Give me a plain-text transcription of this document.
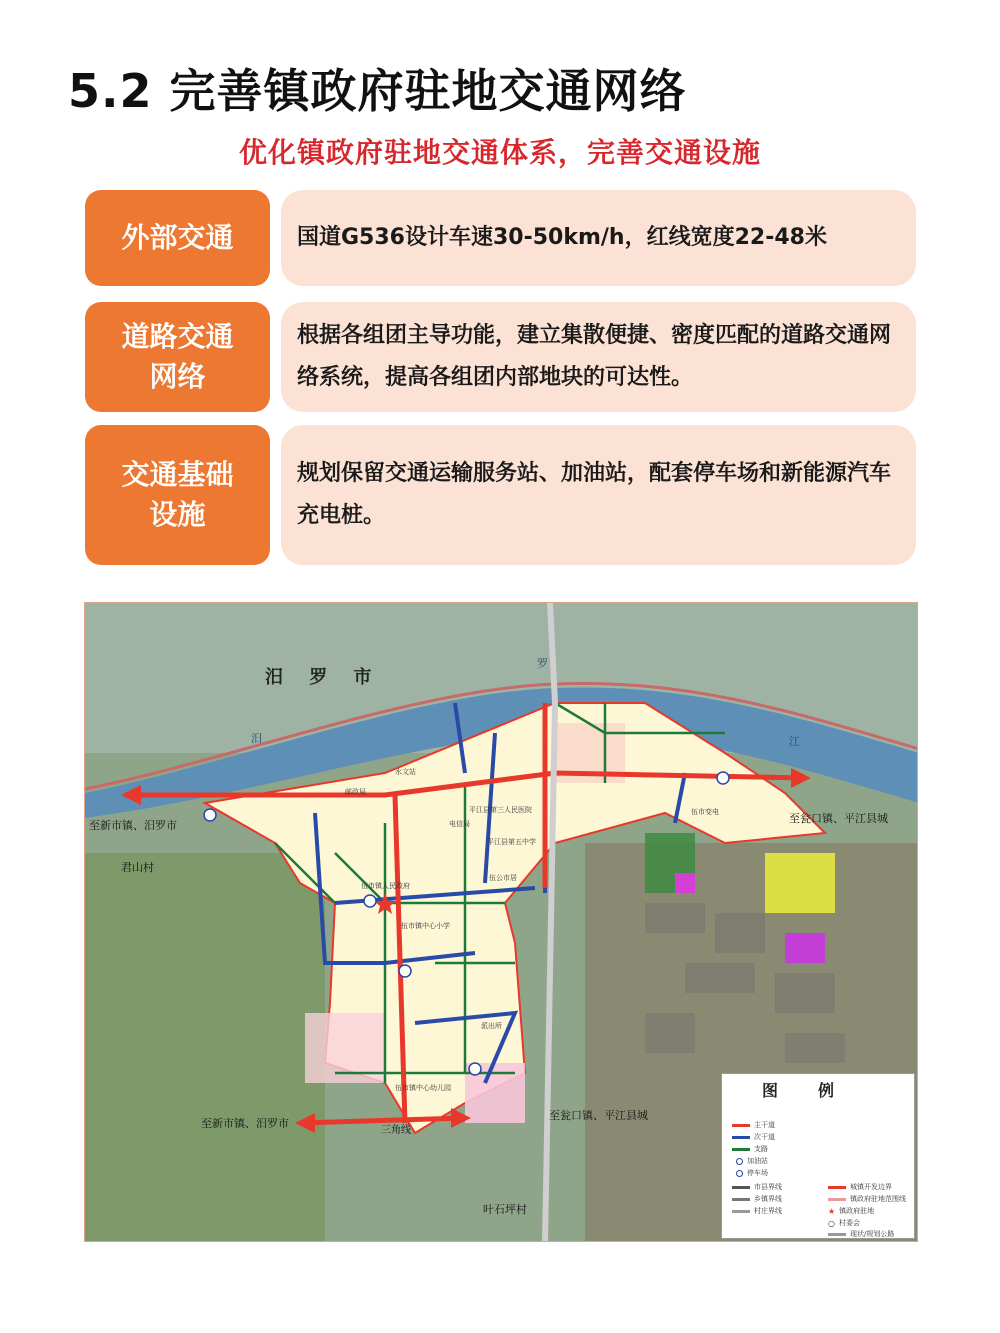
5.2 完善镇政府驻地交通网络
优化镇政府驻地交通体系，完善交通设施
外部交通	国道G536设计车速30-50km/h，红线宽度22-48米
道路交通
网络
根据各组团主导功能，建立集散便捷、密度匹配的道路交通网络系统，提高各组团内部地块的可达性。
交通基础
设施
规划保留交通运输服务站、加油站，配套停车场和新能源汽车充电桩。
汨 罗 市
汨
罗
江
至新市镇、汨罗市
至瓮口镇、平江县城
至新市镇、汨罗市
至瓮口镇、平江县城
君山村
叶石坪村
三角线
水文站
邮政局
平江县第三人民医院
电信局
平江县第五中学
伍市镇人民政府
伍公市居
伍市镇中心小学
派出所
伍市镇中心幼儿园
伍市变电
图例
主干道
次干道
支路
加油站
停车场
市县界线
乡镇界线
村庄界线
城镇开发边界
镇政府驻地范围线
★ 镇政府驻地
○ 村委会
现状/规划公路
